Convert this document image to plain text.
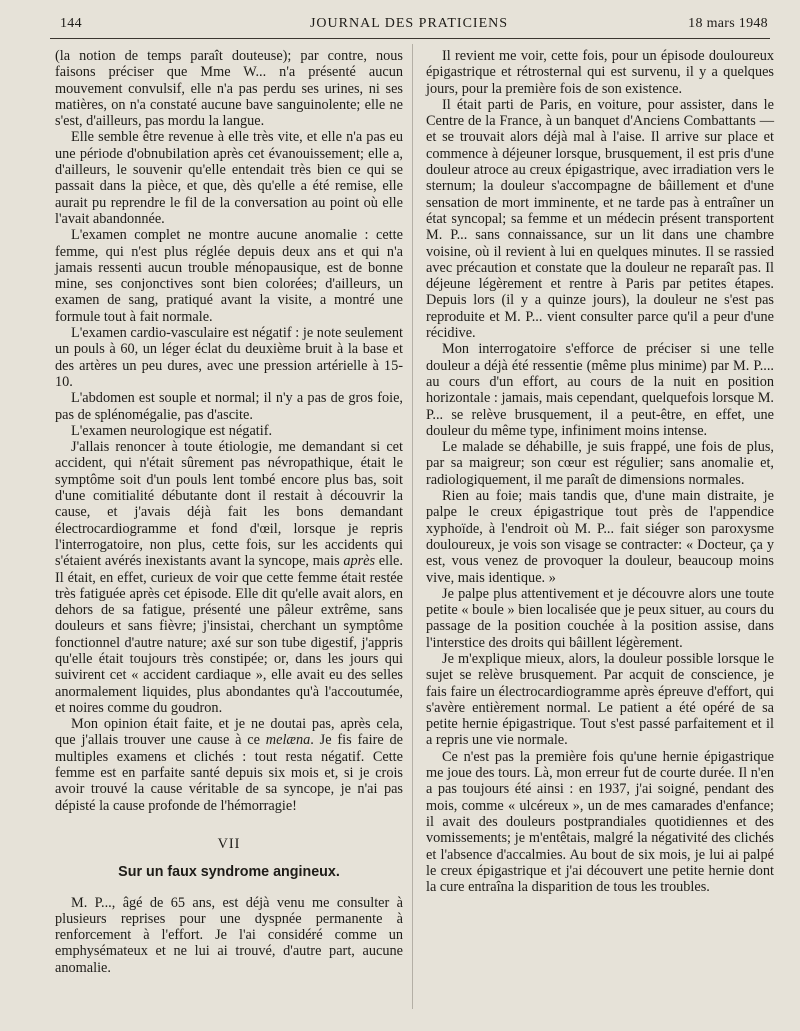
144	JOURNAL DES PRATICIENS	18 mars 1948

(la notion de temps paraît douteuse); par contre, nous faisons préciser que Mme W... n'a présenté aucun mouvement convulsif, elle n'a pas perdu ses urines, ni ses matières, on n'a constaté aucune bave sanguinolente; elle ne s'est, d'ailleurs, pas mordu la langue.

Elle semble être revenue à elle très vite, et elle n'a pas eu une période d'obnubilation après cet évanouissement; elle a, d'ailleurs, le souvenir qu'elle entendait très bien ce qui se passait dans la pièce, et que, dès qu'elle a été remise, elle aurait pu reprendre le fil de la conversation au point où elle l'avait abandonnée.

L'examen complet ne montre aucune anomalie : cette femme, qui n'est plus réglée depuis deux ans et qui n'a jamais ressenti aucun trouble ménopausique, est de bonne mine, ses conjonctives sont bien colorées; d'ailleurs, un examen de sang, pratiqué avant la visite, a montré une formule tout à fait normale.

L'examen cardio-vasculaire est négatif : je note seulement un pouls à 60, un léger éclat du deuxième bruit à la base et des artères un peu dures, avec une pression artérielle à 15-10.

L'abdomen est souple et normal; il n'y a pas de gros foie, pas de splénomégalie, pas d'ascite.

L'examen neurologique est négatif.

J'allais renoncer à toute étiologie, me demandant si cet accident, qui n'était sûrement pas névropathique, était le symptôme soit d'un pouls lent tombé encore plus bas, soit d'une comitialité débutante dont il restait à découvrir la cause, et j'avais déjà fait les bons demandant électrocardiogramme et fond d'œil, lorsque je repris l'interrogatoire, non plus, cette fois, sur les accidents qui s'étaient avérés inexistants avant la syncope, mais après elle. Il était, en effet, curieux de voir que cette femme était restée très fatiguée après cet épisode. Elle dit qu'elle avait alors, en dehors de sa fatigue, présenté une pâleur extrême, sans douleurs et sans fièvre; j'insistai, cherchant un symptôme fonctionnel d'autre nature; axé sur son tube digestif, j'appris qu'elle était toujours très constipée; or, dans les jours qui suivirent cet « accident cardiaque », elle avait eu des selles anormalement liquides, plus abondantes qu'à l'accoutumée, et noires comme du goudron.

Mon opinion était faite, et je ne doutai pas, après cela, que j'allais trouver une cause à ce melæna. Je fis faire de multiples examens et clichés : tout resta négatif. Cette femme est en parfaite santé depuis six mois et, si je crois avoir trouvé la cause véritable de sa syncope, je n'ai pas dépisté la cause profonde de l'hémorragie!

VII
Sur un faux syndrome angineux.

M. P..., âgé de 65 ans, est déjà venu me consulter à plusieurs reprises pour une dyspnée permanente à renforcement à l'effort. Je l'ai considéré comme un emphysémateux et ne lui ai trouvé, d'autre part, aucune anomalie.

Il revient me voir, cette fois, pour un épisode douloureux épigastrique et rétrosternal qui est survenu, il y a quelques jours, pour la première fois de son existence.

Il était parti de Paris, en voiture, pour assister, dans le Centre de la France, à un banquet d'Anciens Combattants — et se trouvait alors déjà mal à l'aise. Il arrive sur place et commence à déjeuner lorsque, brusquement, il est pris d'une douleur atroce au creux épigastrique, avec irradiation vers le sternum; la douleur s'accompagne de bâillement et d'une sensation de mort imminente, et ne tarde pas à entraîner un état syncopal; sa femme et un médecin présent transportent M. P... sans connaissance, sur un lit dans une chambre voisine, où il revient à lui en quelques minutes. Il se rassied avec précaution et constate que la douleur ne reparaît pas. Il déjeune légèrement et rentre à Paris par petites étapes. Depuis lors (il y a quinze jours), la douleur ne s'est pas reproduite et M. P... vient consulter parce qu'il a peur d'une récidive.

Mon interrogatoire s'efforce de préciser si une telle douleur a déjà été ressentie (même plus minime) par M. P.... au cours d'un effort, au cours de la nuit en position horizontale : jamais, mais cependant, quelquefois lorsque M. P... se relève brusquement, il a peut-être, en effet, une douleur du même type, infiniment moins intense.

Le malade se déhabille, je suis frappé, une fois de plus, par sa maigreur; son cœur est régulier; sans anomalie et, radiologiquement, il me paraît de dimensions normales.

Rien au foie; mais tandis que, d'une main distraite, je palpe le creux épigastrique tout près de l'appendice xyphoïde, à l'endroit où M. P... fait siéger son paroxysme douloureux, je vois son visage se contracter: « Docteur, ça y est, vous venez de provoquer la douleur, beaucoup moins vive, mais identique. »

Je palpe plus attentivement et je découvre alors une toute petite « boule » bien localisée que je peux situer, au cours du passage de la position couchée à la position assise, dans l'interstice des droits qui bâillent légèrement.

Je m'explique mieux, alors, la douleur possible lorsque le sujet se relève brusquement. Par acquit de conscience, je fais faire un électrocardiogramme après épreuve d'effort, qui s'avère entièrement normal. Le patient a été opéré de sa petite hernie épigastrique. Tout s'est passé parfaitement et il a repris une vie normale.

Ce n'est pas la première fois qu'une hernie épigastrique me joue des tours. Là, mon erreur fut de courte durée. Il n'en a pas toujours été ainsi : en 1937, j'ai soigné, pendant des mois, comme « ulcéreux », un de mes camarades d'enfance; il avait des douleurs postprandiales quotidiennes et des vomissements; je m'entêtais, malgré la négativité des clichés et l'absence d'accalmies. Au bout de six mois, je lui ai palpé le creux épigastrique et j'ai découvert une petite hernie dont la cure entraîna la disparition de tous les troubles.
